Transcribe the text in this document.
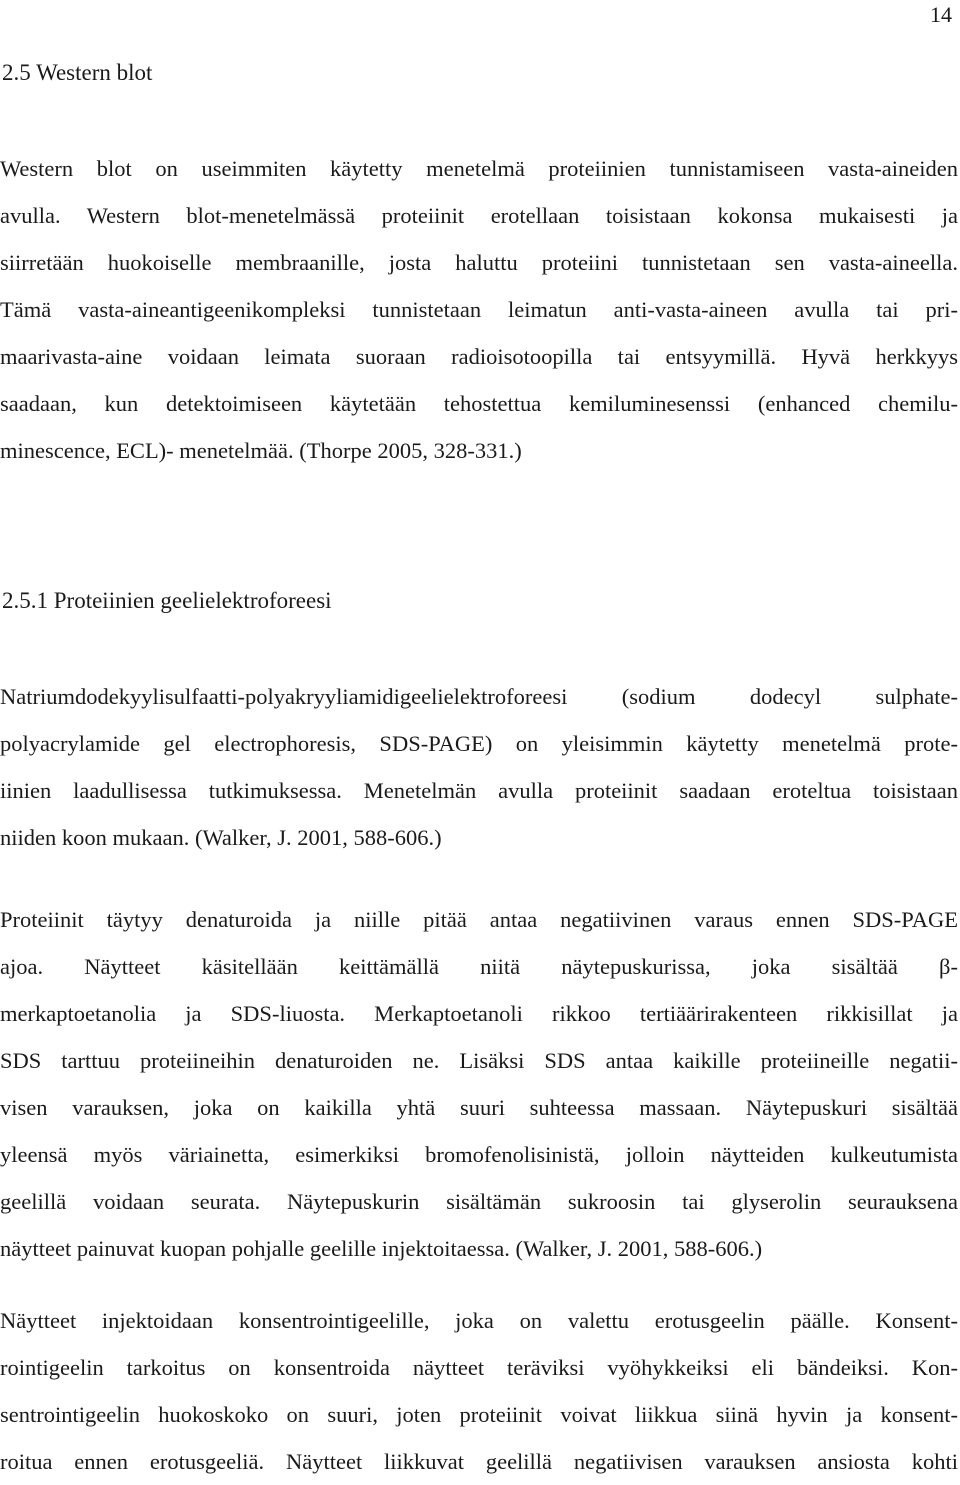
14
2.5 Western blot
Western blot on useimmiten käytetty menetelmä proteiinien tunnistamiseen vasta-aineiden
avulla. Western blot-menetelmässä proteiinit erotellaan toisistaan kokonsa mukaisesti ja
siirretään huokoiselle membraanille, josta haluttu proteiini tunnistetaan sen vasta-aineella.
Tämä vasta-aineantigeenikompleksi tunnistetaan leimatun anti-vasta-aineen avulla tai pri-
maarivasta-aine voidaan leimata suoraan radioisotoopilla tai entsyymillä. Hyvä herkkyys
saadaan, kun detektoimiseen käytetään tehostettua kemiluminesenssi (enhanced chemilu-
minescence, ECL)- menetelmää. (Thorpe 2005, 328-331.)
2.5.1 Proteiinien geelielektroforeesi
Natriumdodekyylisulfaatti-polyakryyliamidigeelielektroforeesi (sodium dodecyl sulphate-
polyacrylamide gel electrophoresis, SDS-PAGE) on yleisimmin käytetty menetelmä prote-
iinien laadullisessa tutkimuksessa. Menetelmän avulla proteiinit saadaan eroteltua toisistaan
niiden koon mukaan. (Walker, J. 2001, 588-606.)
Proteiinit täytyy denaturoida ja niille pitää antaa negatiivinen varaus ennen SDS-PAGE
ajoa. Näytteet käsitellään keittämällä niitä näytepuskurissa, joka sisältää β-
merkaptoetanolia ja SDS-liuosta. Merkaptoetanoli rikkoo tertiäärirakenteen rikkisillat ja
SDS tarttuu proteiineihin denaturoiden ne. Lisäksi SDS antaa kaikille proteiineille negatii-
visen varauksen, joka on kaikilla yhtä suuri suhteessa massaan. Näytepuskuri sisältää
yleensä myös väriainetta, esimerkiksi bromofenolisinistä, jolloin näytteiden kulkeutumista
geelillä voidaan seurata. Näytepuskurin sisältämän sukroosin tai glyserolin seurauksena
näytteet painuvat kuopan pohjalle geelille injektoitaessa. (Walker, J. 2001, 588-606.)
Näytteet injektoidaan konsentrointigeelille, joka on valettu erotusgeelin päälle. Konsent-
rointigeelin tarkoitus on konsentroida näytteet teräviksi vyöhykkeiksi eli bändeiksi. Kon-
sentrointigeelin huokoskoko on suuri, joten proteiinit voivat liikkua siinä hyvin ja konsent-
roitua ennen erotusgeeliä. Näytteet liikkuvat geelillä negatiivisen varauksen ansiosta kohti
